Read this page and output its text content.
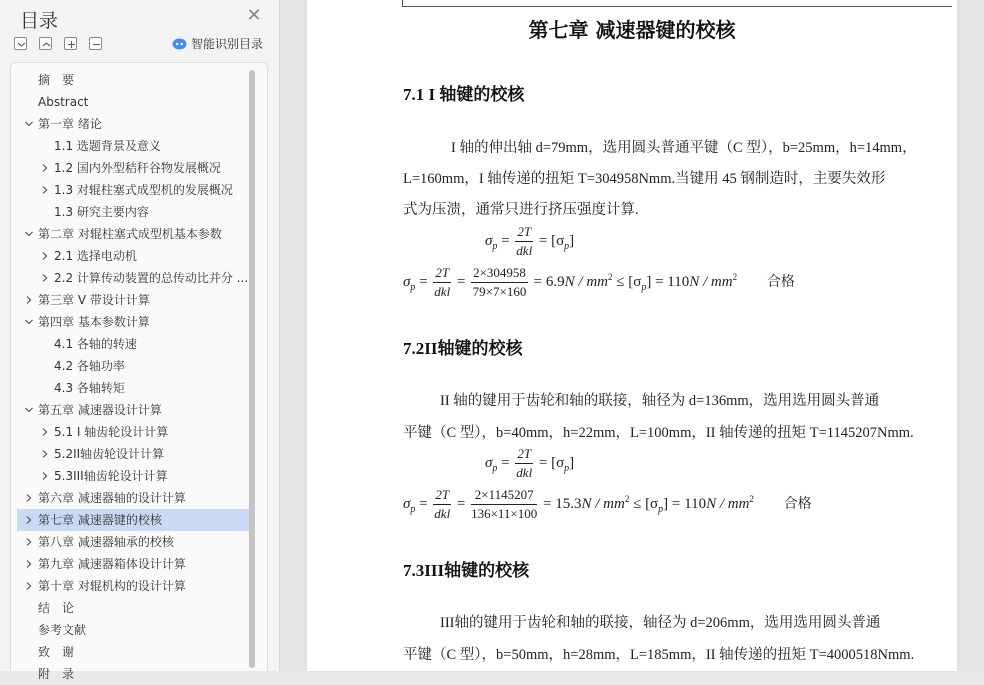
目录	✕
智能识别目录
摘　要
Abstract
第一章 绪论
1.1 选题背景及意义
1.2 国内外型秸秆谷物发展概况
1.3 对辊柱塞式成型机的发展概况
1.3 研究主要内容
第二章 对辊柱塞式成型机基本参数
2.1 选择电动机
2.2 计算传动装置的总传动比并分 ...
第三章 V 带设计计算
第四章 基本参数计算
4.1 各轴的转速
4.2 各轴功率
4.3 各轴转矩
第五章 减速器设计计算
5.1 I 轴齿轮设计计算
5.2II轴齿轮设计计算
5.3III轴齿轮设计计算
第六章 减速器轴的设计计算
第七章 减速器键的校核
第八章 减速器轴承的校核
第九章 减速器箱体设计计算
第十章 对辊机构的设计计算
结　论
参考文献
致　谢
附　录
第七章 减速器键的校核
7.1 I 轴键的校核
I 轴的伸出轴 d=79mm，选用圆头普通平键（C 型），b=25mm，h=14mm，
L=160mm，I 轴传递的扭矩 T=304958Nmm.当键用 45 钢制造时，主要失效形
式为压溃，通常只进行挤压强度计算.
$\sigma_p = \frac{2T}{\text{dkl}} = [\sigma_p]$
$\sigma_p = \frac{2T}{\text{dkl}} = \frac{2\times 304958}{79\times 7\times 160} = 6.9N / mm^2 \le [\sigma_p] = 110N / mm^2$ 合格
7.2II轴键的校核
II 轴的键用于齿轮和轴的联接，轴径为 d=136mm，选用选用圆头普通
平键（C 型），b=40mm，h=22mm，L=100mm，II 轴传递的扭矩 T=1145207Nmm.
$\sigma_p = \frac{2T}{\text{dkl}} = [\sigma_p]$
$\sigma_p = \frac{2T}{\text{dkl}} = \frac{2\times 1145207}{136\times 11\times 100} = 15.3N / mm^2 \le [\sigma_p] = 110N / mm^2$ 合格
7.3III轴键的校核
III轴的键用于齿轮和轴的联接，轴径为 d=206mm，选用选用圆头普通
平键（C 型），b=50mm，h=28mm，L=185mm，II 轴传递的扭矩 T=4000518Nmm.
